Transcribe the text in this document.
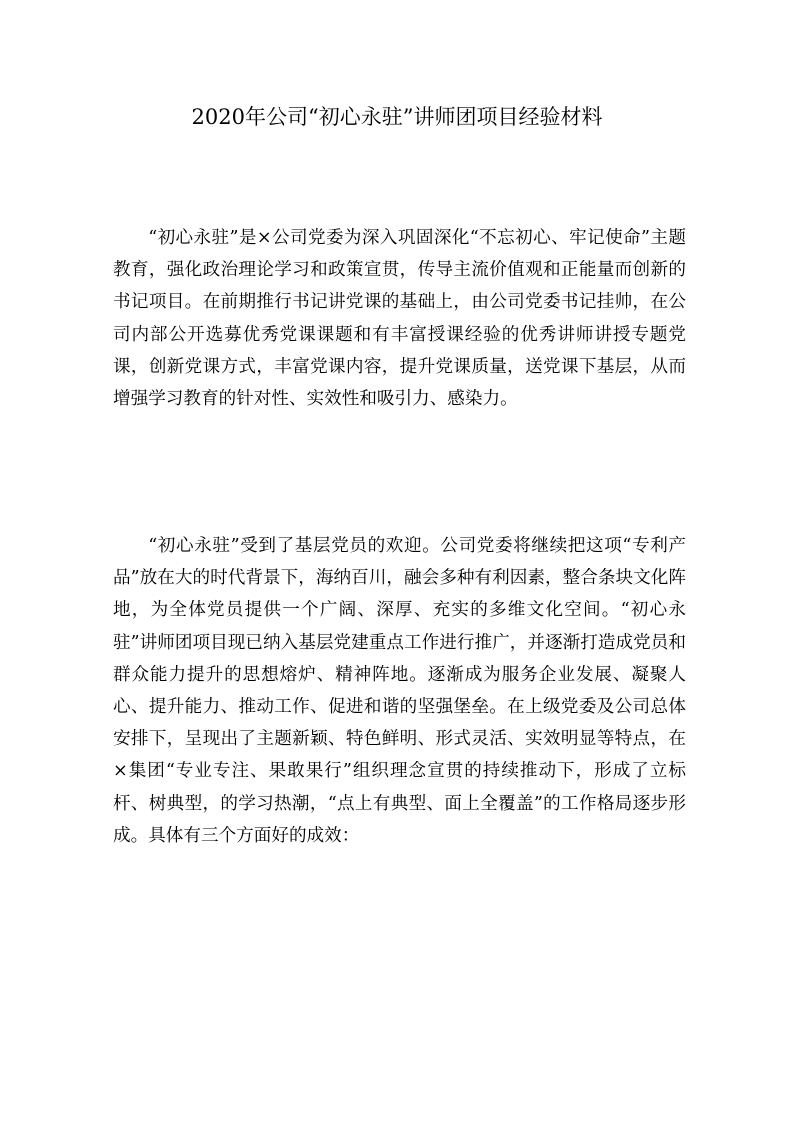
2020年公司“初心永驻”讲师团项目经验材料

“初心永驻”是×公司党委为深入巩固深化“不忘初心、牢记使命”主题教育，强化政治理论学习和政策宣贯，传导主流价值观和正能量而创新的书记项目。在前期推行书记讲党课的基础上，由公司党委书记挂帅，在公司内部公开选募优秀党课课题和有丰富授课经验的优秀讲师讲授专题党课，创新党课方式，丰富党课内容，提升党课质量，送党课下基层，从而增强学习教育的针对性、实效性和吸引力、感染力。

“初心永驻”受到了基层党员的欢迎。公司党委将继续把这项“专利产品”放在大的时代背景下，海纳百川，融会多种有利因素，整合条块文化阵地，为全体党员提供一个广阔、深厚、充实的多维文化空间。“初心永驻”讲师团项目现已纳入基层党建重点工作进行推广，并逐渐打造成党员和群众能力提升的思想熔炉、精神阵地。逐渐成为服务企业发展、凝聚人心、提升能力、推动工作、促进和谐的坚强堡垒。在上级党委及公司总体安排下，呈现出了主题新颖、特色鲜明、形式灵活、实效明显等特点，在×集团“专业专注、果敢果行”组织理念宣贯的持续推动下，形成了立标杆、树典型，的学习热潮，“点上有典型、面上全覆盖”的工作格局逐步形成。具体有三个方面好的成效：
